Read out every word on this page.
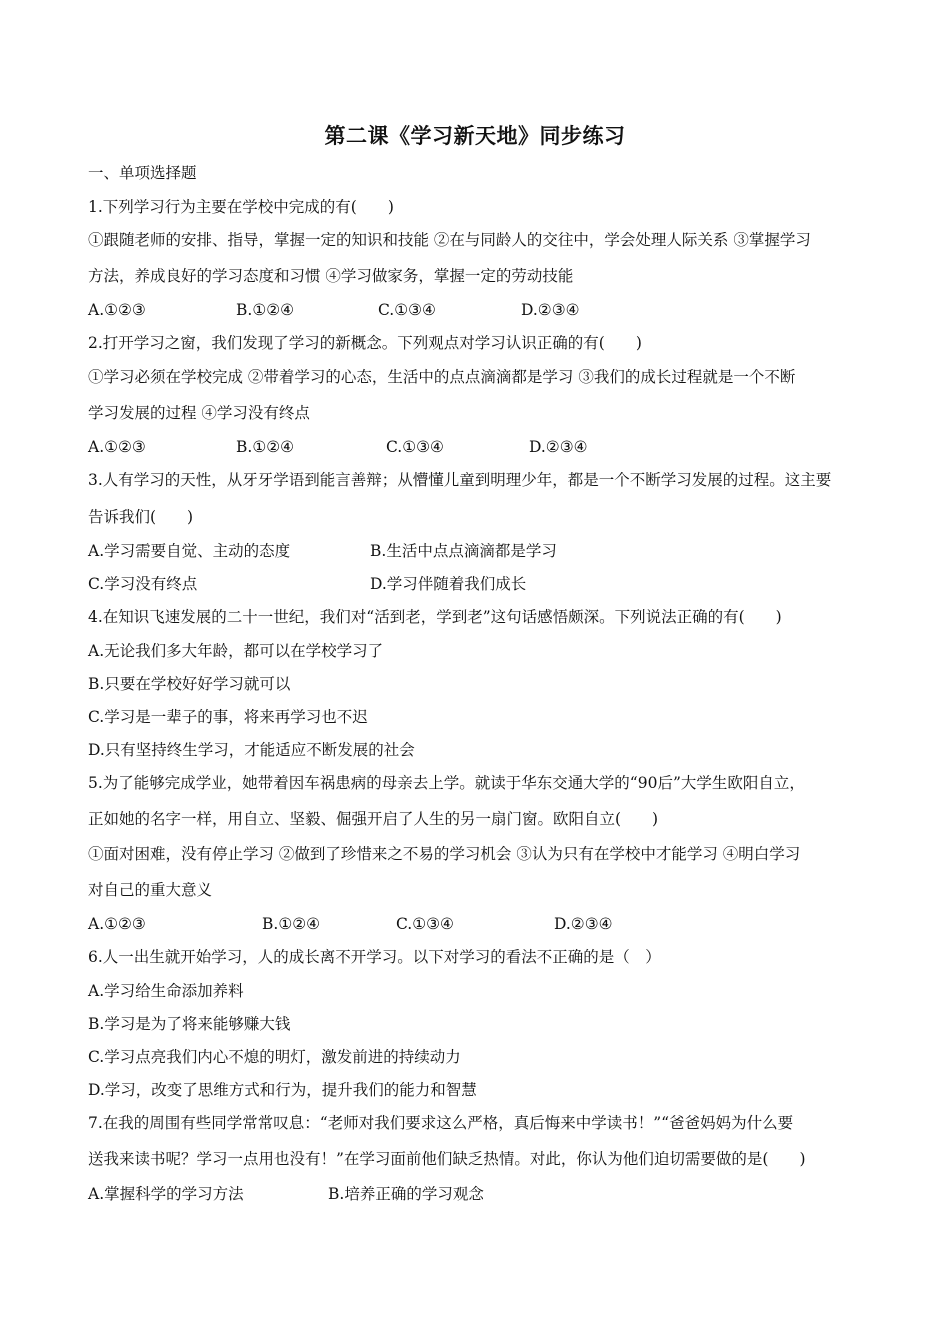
第二课《学习新天地》同步练习
一、单项选择题
1.下列学习行为主要在学校中完成的有(　　)
①跟随老师的安排、指导，掌握一定的知识和技能 ②在与同龄人的交往中，学会处理人际关系 ③掌握学习
方法，养成良好的学习态度和习惯 ④学习做家务，掌握一定的劳动技能
A.①②③	B.①②④	C.①③④	D.②③④
2.打开学习之窗，我们发现了学习的新概念。下列观点对学习认识正确的有(　　)
①学习必须在学校完成 ②带着学习的心态，生活中的点点滴滴都是学习 ③我们的成长过程就是一个不断
学习发展的过程 ④学习没有终点
A.①②③	B.①②④	C.①③④	D.②③④
3.人有学习的天性，从牙牙学语到能言善辩；从懵懂儿童到明理少年，都是一个不断学习发展的过程。这主要
告诉我们(　　)
A.学习需要自觉、主动的态度	B.生活中点点滴滴都是学习
C.学习没有终点	D.学习伴随着我们成长
4.在知识飞速发展的二十一世纪，我们对“活到老，学到老”这句话感悟颇深。下列说法正确的有(　　)
A.无论我们多大年龄，都可以在学校学习了
B.只要在学校好好学习就可以
C.学习是一辈子的事，将来再学习也不迟
D.只有坚持终生学习，才能适应不断发展的社会
5.为了能够完成学业，她带着因车祸患病的母亲去上学。就读于华东交通大学的“90后”大学生欧阳自立，
正如她的名字一样，用自立、坚毅、倔强开启了人生的另一扇门窗。欧阳自立(　　)
①面对困难，没有停止学习 ②做到了珍惜来之不易的学习机会 ③认为只有在学校中才能学习 ④明白学习
对自己的重大意义
A.①②③	B.①②④	C.①③④	D.②③④
6.人一出生就开始学习，人的成长离不开学习。以下对学习的看法不正确的是（　）
A.学习给生命添加养料
B.学习是为了将来能够赚大钱
C.学习点亮我们内心不熄的明灯，激发前进的持续动力
D.学习，改变了思维方式和行为，提升我们的能力和智慧
7.在我的周围有些同学常常叹息：“老师对我们要求这么严格，真后悔来中学读书！”“爸爸妈妈为什么要
送我来读书呢？学习一点用也没有！”在学习面前他们缺乏热情。对此，你认为他们迫切需要做的是(　　)
A.掌握科学的学习方法	B.培养正确的学习观念
